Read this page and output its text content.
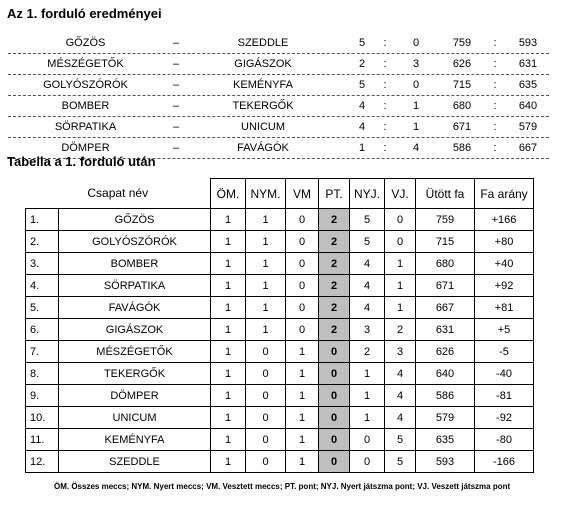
Az 1. forduló eredményei
GŐZÖS	–	SZEDDLE	5	:	0	759	:	593
MÉSZÉGETŐK	–	GIGÁSZOK	2	:	3	626	:	631
GOLYÓSZÓRÓK	–	KEMÉNYFA	5	:	0	715	:	635
BOMBER	–	TEKERGŐK	4	:	1	680	:	640
SÖRPATIKA	–	UNICUM	4	:	1	671	:	579
DÖMPER	–	FAVÁGÓK	1	:	4	586	:	667
Tabella a 1. forduló után
Csapat név		ÖM.	NYM.	VM	PT.	NYJ.	VJ.	Ütött fa	Fa arány
1.	GŐZÖS	1	1	0	2	5	0	759	+166
2.	GOLYÓSZÓRÓK	1	1	0	2	5	0	715	+80
3.	BOMBER	1	1	0	2	4	1	680	+40
4.	SÖRPATIKA	1	1	0	2	4	1	671	+92
5.	FAVÁGÓK	1	1	0	2	4	1	667	+81
6.	GIGÁSZOK	1	1	0	2	3	2	631	+5
7.	MÉSZÉGETŐK	1	0	1	0	2	3	626	-5
8.	TEKERGŐK	1	0	1	0	1	4	640	-40
9.	DÖMPER	1	0	1	0	1	4	586	-81
10.	UNICUM	1	0	1	0	1	4	579	-92
11.	KEMÉNYFA	1	0	1	0	0	5	635	-80
12.	SZEDDLE	1	0	1	0	0	5	593	-166
ÖM. Összes meccs; NYM. Nyert meccs; VM. Vesztett meccs; PT. pont; NYJ. Nyert játszma pont; VJ. Veszett játszma pont
